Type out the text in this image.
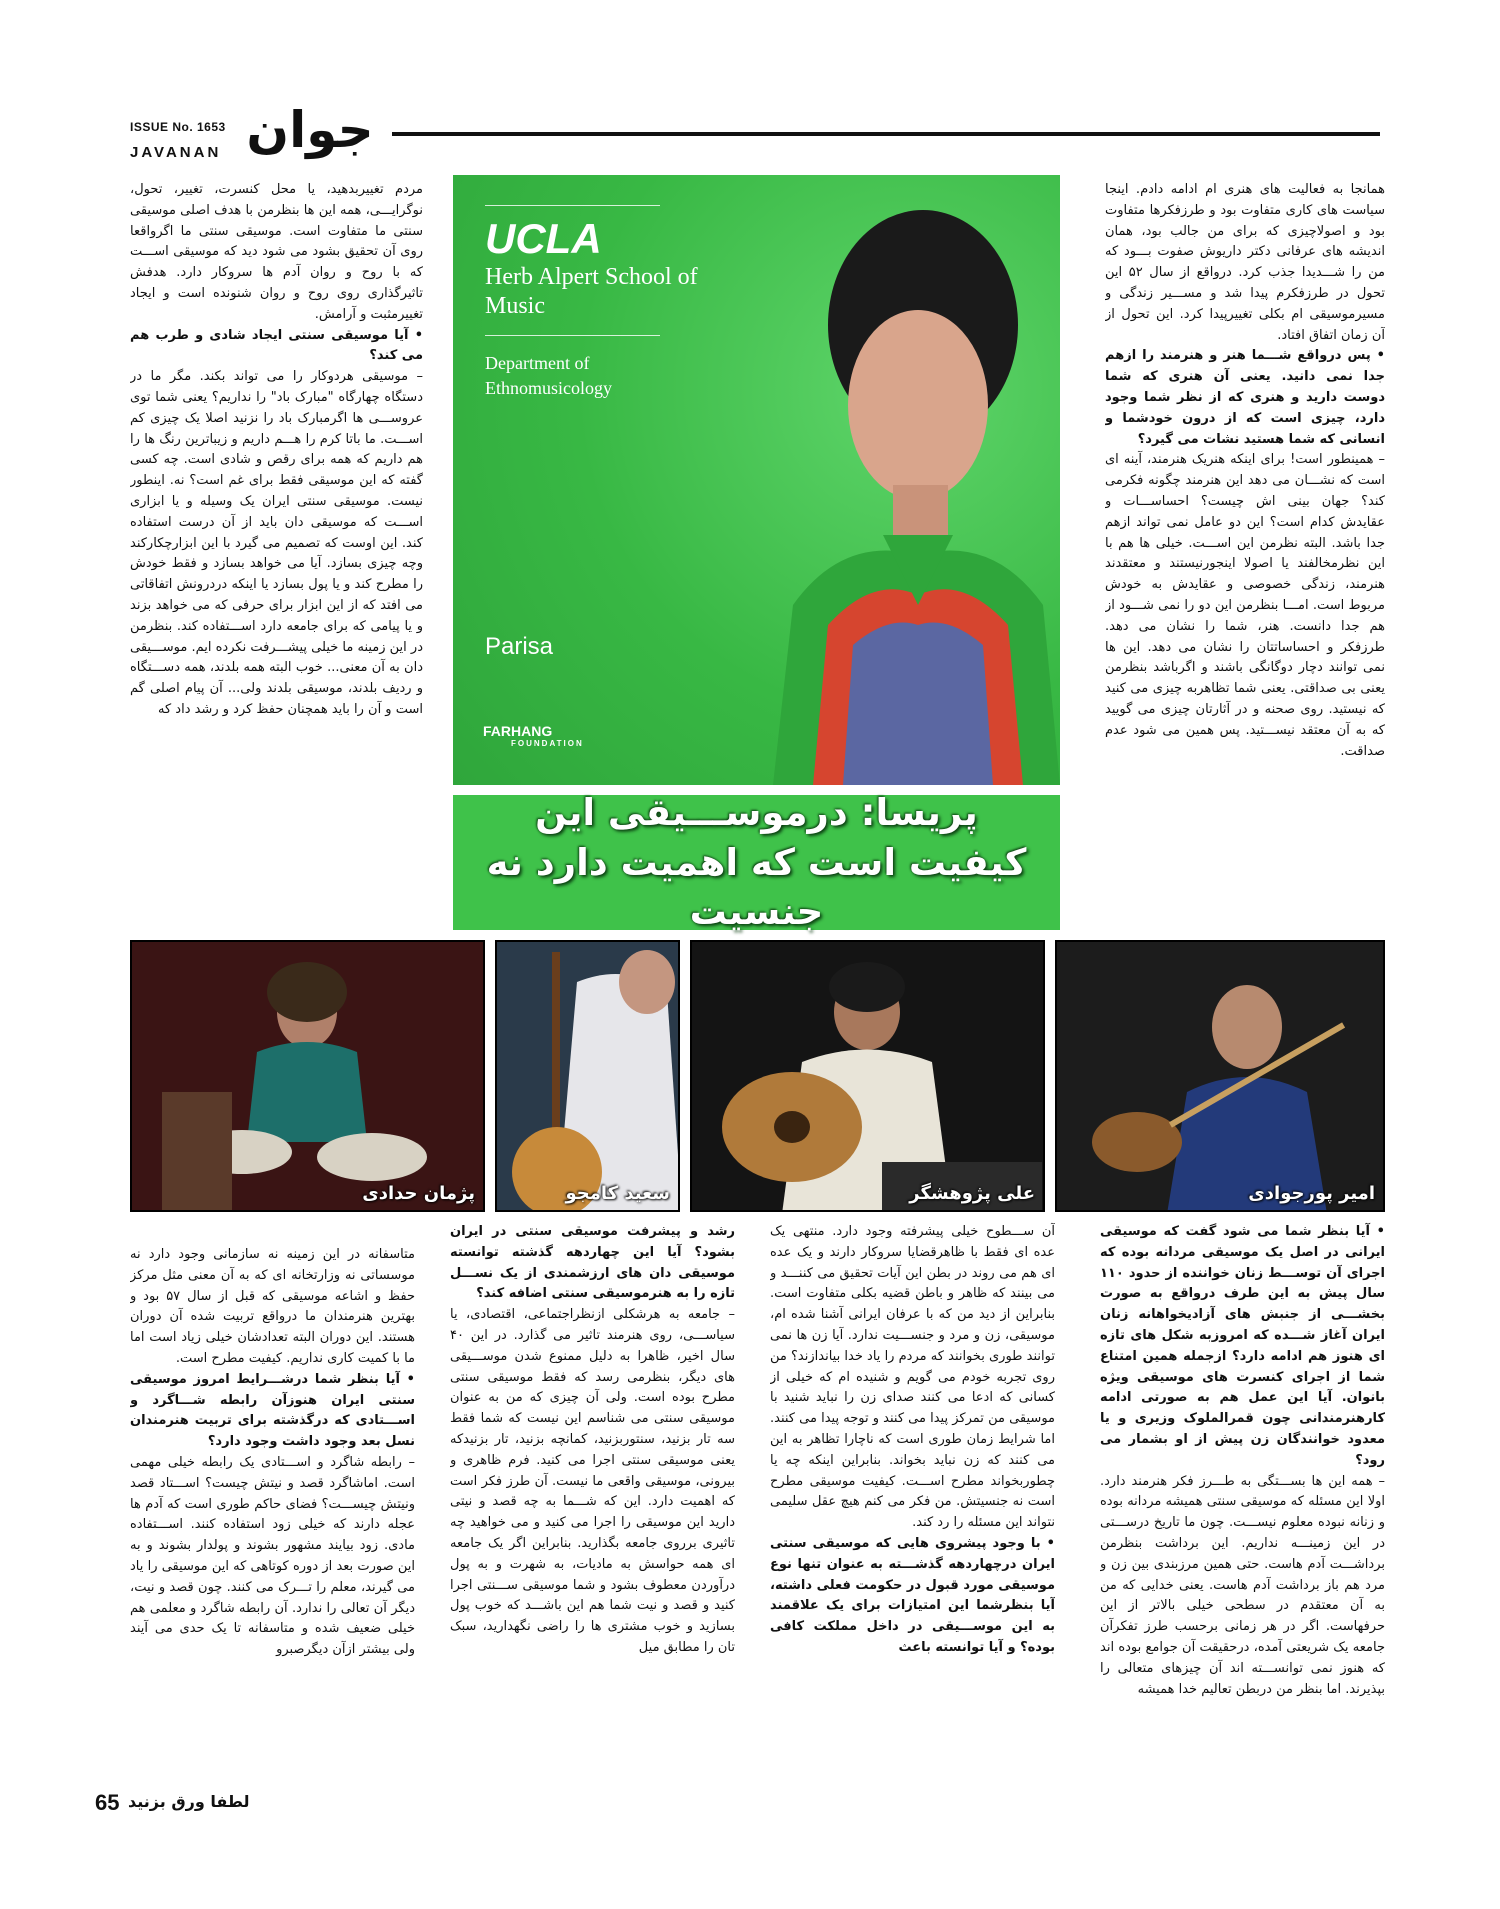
ISSUE No. 1653
JAVANAN جوان

همانجا به فعالیت های هنری ام ادامه دادم. اینجا سیاست های کاری متفاوت بود و طرزفکرها متفاوت بود و اصولاچیزی که برای من جالب بود، همان اندیشه های عرفانی دکتر داریوش صفوت بـــود که من را شـــدیدا جذب کرد. درواقع از سال ۵۲ این تحول در طرزفکرم پیدا شد و مســـیر زندگی و مسیرموسیقی ام بکلی تغییرپیدا کرد. این تحول از آن زمان اتفاق افتاد.

• پس درواقع شـــما هنر و هنرمند را ازهم جدا نمی دانید. یعنی آن هنری که شما دوست دارید و هنری که از نظر شما وجود دارد، چیزی است که از درون خودشما و انسانی که شما هستید نشات می گیرد؟

– همینطور است! برای اینکه هنریک هنرمند، آینه ای است که نشـــان می دهد این هنرمند چگونه فکرمی کند؟ جهان بینی اش چیست؟ احساســـات و عقایدش کدام است؟ این دو عامل نمی تواند ازهم جدا باشد. البته نظرمن این اســـت. خیلی ها هم با این نظرمخالفند یا اصولا اینجورنیستند و معتقدند هنرمند، زندگی خصوصی و عقایدش به خودش مربوط است. امـــا بنظرمن این دو را نمی شـــود از هم جدا دانست. هنر، شما را نشان می دهد. طرزفکر و احساساتتان را نشان می دهد. این ها نمی توانند دچار دوگانگی باشند و اگرباشد بنظرمن یعنی بی صداقتی. یعنی شما تظاهربه چیزی می کنید که نیستید. روی صحنه و در آثارتان چیزی می گویید که به آن معتقد نیســـتید. پس همین می شود عدم صداقت.

مردم تغییربدهید، یا محل کنسرت، تغییر، تحول، نوگرایـــی، همه این ها بنظرمن با هدف اصلی موسیقی سنتی ما متفاوت است. موسیقی سنتی ما اگرواقعا روی آن تحقیق بشود می شود دید که موسیقی اســـت که با روح و روان آدم ها سروکار دارد. هدفش تاثیرگذاری روی روح و روان شنونده است و ایجاد تغییرمثبت و آرامش.

• آیا موسیقی سنتی ایجاد شادی و طرب هم می کند؟

– موسیقی هردوکار را می تواند بکند. مگر ما در دستگاه چهارگاه "مبارک باد" را نداریم؟ یعنی شما توی عروســـی ها اگرمبارک باد را نزنید اصلا یک چیزی کم اســـت. ما باتا کرم را هـــم داریم و زیباترین رنگ ها را هم داریم که همه برای رقص و شادی است. چه کسی گفته که این موسیقی فقط برای غم است؟ نه. اینطور نیست. موسیقی سنتی ایران یک وسیله و یا ابزاری اســـت که موسیقی دان باید از آن درست استفاده کند. این اوست که تصمیم می گیرد با این ابزارچکارکند وچه چیزی بسازد. آیا می خواهد بسازد و فقط خودش را مطرح کند و یا پول بسازد یا اینکه دردرونش اتفاقاتی می افتد که از این ابزار برای حرفی که می خواهد بزند و یا پیامی که برای جامعه دارد اســـتفاده کند. بنظرمن در این زمینه ما خیلی پیشـــرفت نکرده ایم. موســـیقی دان به آن معنی... خوب البته همه بلدند، همه دســـتگاه و ردیف بلدند، موسیقی بلدند ولی... آن پیام اصلی گم است و آن را باید همچنان حفظ کرد و رشد داد که

UCLA
Herb Alpert School of Music
Department of Ethnomusicology
Parisa
FARHANG
FOUNDATION
پریسا: درموســـیقی این کیفیت است که اهمیت دارد نه جنسیت
امیر پورجوادی
علی پژوهشگر
سعید کامجو
پژمان حدادی

• آیا بنظر شما می شود گفت که موسیقی ایرانی در اصل یک موسیقی مردانه بوده که اجرای آن توســـط زنان خواننده از حدود ۱۱۰ سال پیش به این طرف درواقع به صورت بخشـــی از جنبش های آزادیخواهانه زنان ایران آغاز شـــده که امروزبه شکل های تازه ای هنوز هم ادامه دارد؟ ازجمله همین امتناع شما از اجرای کنسرت های موسیقی ویژه بانوان. آیا این عمل هم به صورتی ادامه کارهنرمندانی چون قمرالملوک وزیری و یا معدود خوانندگان زن پیش از او بشمار می رود؟

– همه این ها بســـتگی به طـــرز فکر هنرمند دارد. اولا این مسئله که موسیقی سنتی همیشه مردانه بوده و زنانه نبوده معلوم نیســـت. چون ما تاریخ درســـتی در این زمینـــه نداریم. این برداشت بنظرمن برداشـــت آدم هاست. حتی همین مرزبندی بین زن و مرد هم باز برداشت آدم هاست. یعنی خدایی که من به آن معتقدم در سطحی خیلی بالاتر از این حرفهاست. اگر در هر زمانی برحسب طرز تفکرآن جامعه یک شریعتی آمده، درحقیقت آن جوامع بوده اند که هنوز نمی توانســـته اند آن چیزهای متعالی را بپذیرند. اما بنظر من دربطن تعالیم خدا همیشه

آن ســـطوح خیلی پیشرفته وجود دارد. منتهی یک عده ای فقط با ظاهرقضایا سروکار دارند و یک عده ای هم می روند در بطن این آیات تحقیق می کننـــد و می بینند که ظاهر و باطن قضیه بکلی متفاوت است. بنابراین از دید من که با عرفان ایرانی آشنا شده ام، موسیقی، زن و مرد و جنســـیت ندارد. آیا زن ها نمی توانند طوری بخوانند که مردم را یاد خدا بیاندازند؟ من روی تجربه خودم می گویم و شنیده ام که خیلی از کسانی که ادعا می کنند صدای زن را نباید شنید با موسیقی من تمرکز پیدا می کنند و توجه پیدا می کنند. اما شرایط زمان طوری است که ناچارا تظاهر به این می کنند که زن نباید بخواند. بنابراین اینکه چه یا چطوربخواند مطرح اســـت. کیفیت موسیقی مطرح است نه جنسیتش. من فکر می کنم هیچ عقل سلیمی نتواند این مسئله را رد کند.

• با وجود پیشروی هایی که موسیقی سنتی ایران درچهاردهه گذشـــته به عنوان تنها نوع موسیقی مورد قبول در حکومت فعلی داشته، آیا بنظرشما این امتیازات برای یک علاقمند به این موســـیقی در داخل مملکت کافی بوده؟ و آیا توانسته باعث

رشد و پیشرفت موسیقی سنتی در ایران بشود؟ آیا این چهاردهه گذشته توانسته موسیقی دان های ارزشمندی از یک نســـل تازه را به هنرموسیقی سنتی اضافه کند؟

– جامعه به هرشکلی ازنظراجتماعی، اقتصادی، یا سیاســـی، روی هنرمند تاثیر می گذارد. در این ۴۰ سال اخیر، ظاهرا به دلیل ممنوع شدن موســـیقی های دیگر، بنظرمی رسد که فقط موسیقی سنتی مطرح بوده است. ولی آن چیزی که من به عنوان موسیقی سنتی می شناسم این نیست که شما فقط سه تار بزنید، سنتوربزنید، کمانچه بزنید، تار بزنیدکه یعنی موسیقی سنتی اجرا می کنید. فرم ظاهری و بیرونی، موسیقی واقعی ما نیست. آن طرز فکر است که اهمیت دارد. این که شـــما به چه قصد و نیتی دارید این موسیقی را اجرا می کنید و می خواهید چه تاثیری برروی جامعه بگذارید. بنابراین اگر یک جامعه ای همه حواسش به مادیات، به شهرت و به پول درآوردن معطوف بشود و شما موسیقی ســـنتی اجرا کنید و قصد و نیت شما هم این باشـــد که خوب پول بسازید و خوب مشتری ها را راضی نگهدارید، سبک تان را مطابق میل

متاسفانه در این زمینه نه سازمانی وجود دارد نه موسساتی نه وزارتخانه ای که به آن معنی مثل مرکز حفظ و اشاعه موسیقی که قبل از سال ۵۷ بود و بهترین هنرمندان ما درواقع تربیت شده آن دوران هستند. این دوران البته تعدادشان خیلی زیاد است اما ما با کمیت کاری نداریم. کیفیت مطرح است.

• آیا بنظر شما درشـــرایط امروز موسیقی سنتی ایران هنوزآن رابطه شـــاگرد و اســـتادی که درگذشته برای تربیت هنرمندان نسل بعد وجود داشت وجود دارد؟

– رابطه شاگرد و اســـتادی یک رابطه خیلی مهمی است. اماشاگرد قصد و نیتش چیست؟ اســـتاد قصد ونیتش چیســـت؟ فضای حاکم طوری است که آدم ها عجله دارند که خیلی زود استفاده کنند. اســـتفاده مادی. زود بیایند مشهور بشوند و پولدار بشوند و به این صورت بعد از دوره کوتاهی که این موسیقی را یاد می گیرند، معلم را تـــرک می کنند. چون قصد و نیت، دیگر آن تعالی را ندارد. آن رابطه شاگرد و معلمی هم خیلی ضعیف شده و متاسفانه تا یک حدی می آیند ولی بیشتر ازآن دیگرصبرو

65 لطفا ورق بزنید
